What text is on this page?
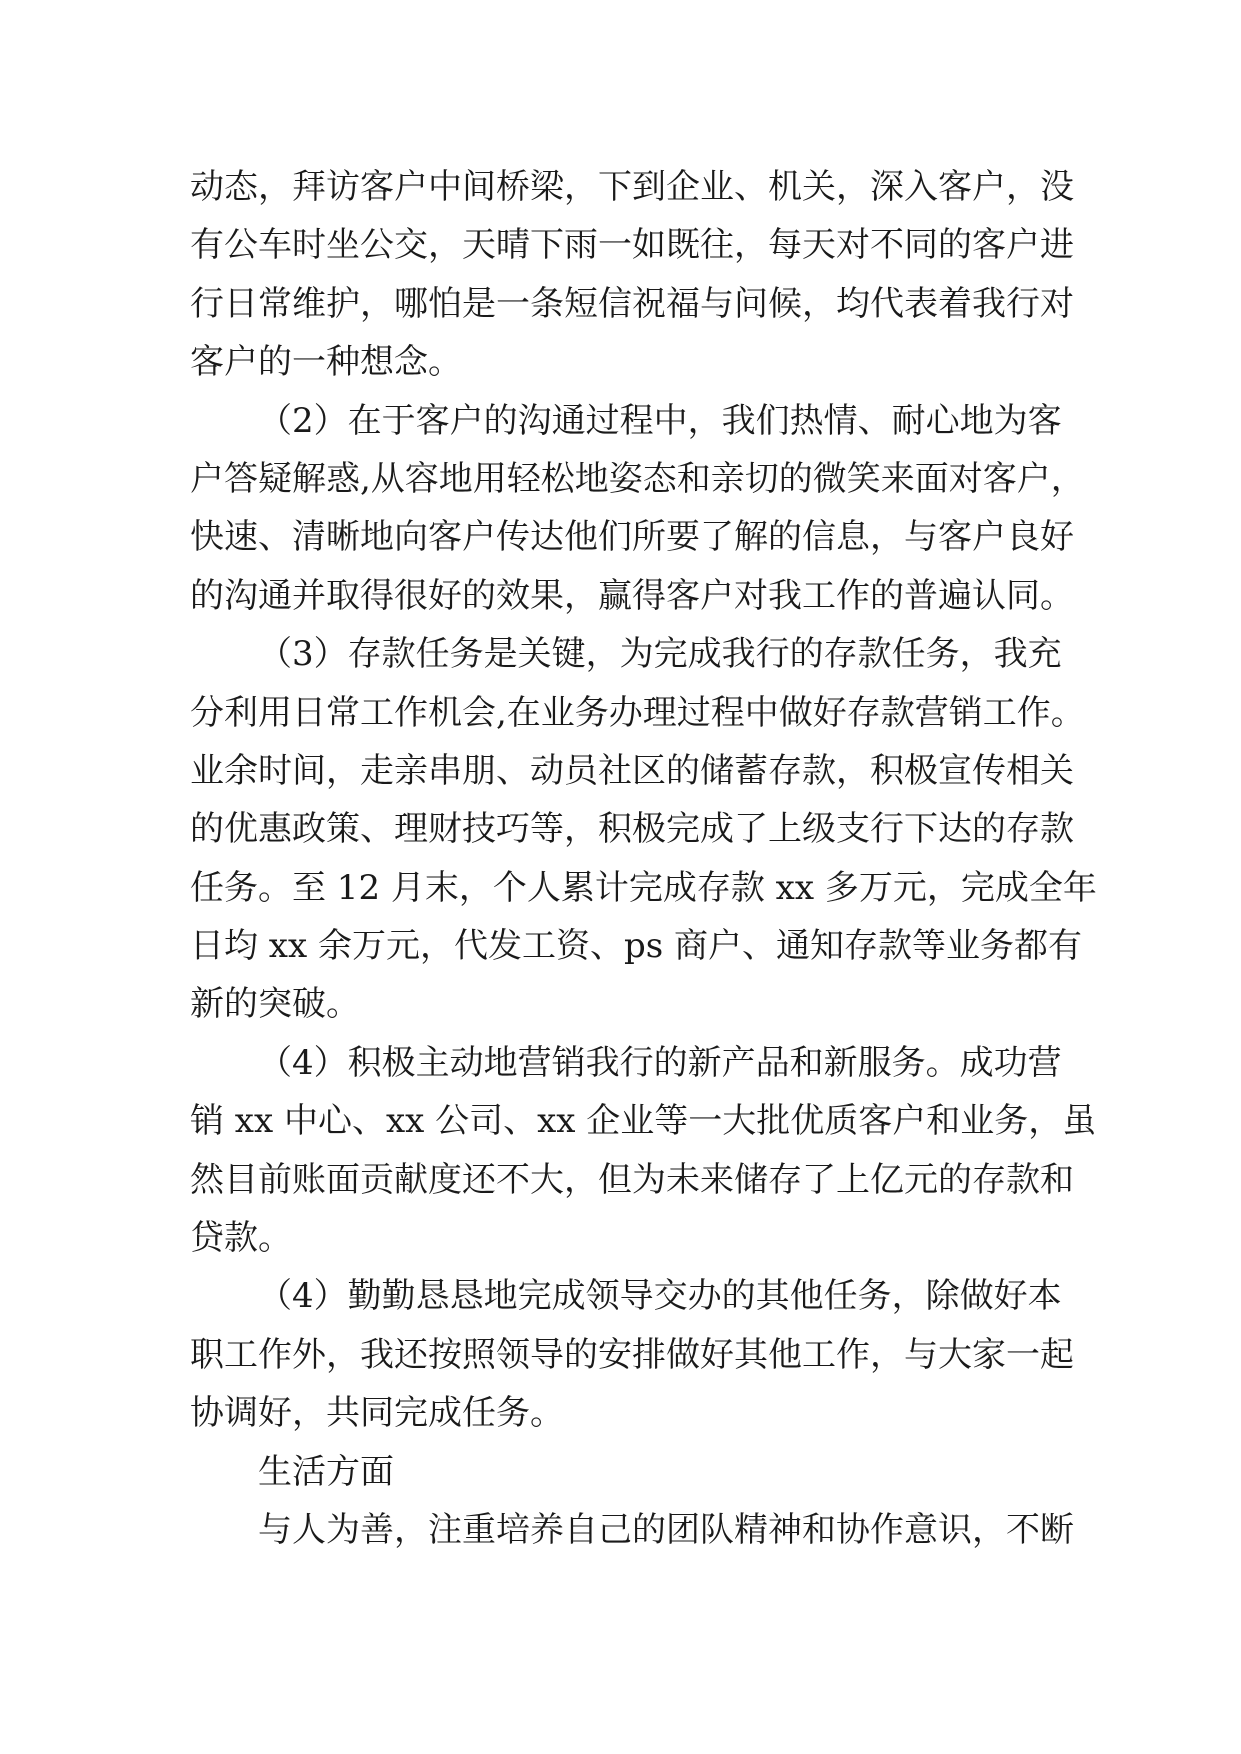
动态，拜访客户中间桥梁，下到企业、机关，深入客户，没
有公车时坐公交，天晴下雨一如既往，每天对不同的客户进
行日常维护，哪怕是一条短信祝福与问候，均代表着我行对
客户的一种想念。
（2）在于客户的沟通过程中，我们热情、耐心地为客
户答疑解惑,从容地用轻松地姿态和亲切的微笑来面对客户，
快速、清晰地向客户传达他们所要了解的信息，与客户良好
的沟通并取得很好的效果，赢得客户对我工作的普遍认同。
（3）存款任务是关键，为完成我行的存款任务，我充
分利用日常工作机会,在业务办理过程中做好存款营销工作。
业余时间，走亲串朋、动员社区的储蓄存款，积极宣传相关
的优惠政策、理财技巧等，积极完成了上级支行下达的存款
任务。至 12 月末，个人累计完成存款 xx 多万元，完成全年
日均 xx 余万元，代发工资、ps 商户、通知存款等业务都有
新的突破。
（4）积极主动地营销我行的新产品和新服务。成功营
销 xx 中心、xx 公司、xx 企业等一大批优质客户和业务，虽
然目前账面贡献度还不大，但为未来储存了上亿元的存款和
贷款。
（4）勤勤恳恳地完成领导交办的其他任务，除做好本
职工作外，我还按照领导的安排做好其他工作，与大家一起
协调好，共同完成任务。
生活方面
与人为善，注重培养自己的团队精神和协作意识，不断
